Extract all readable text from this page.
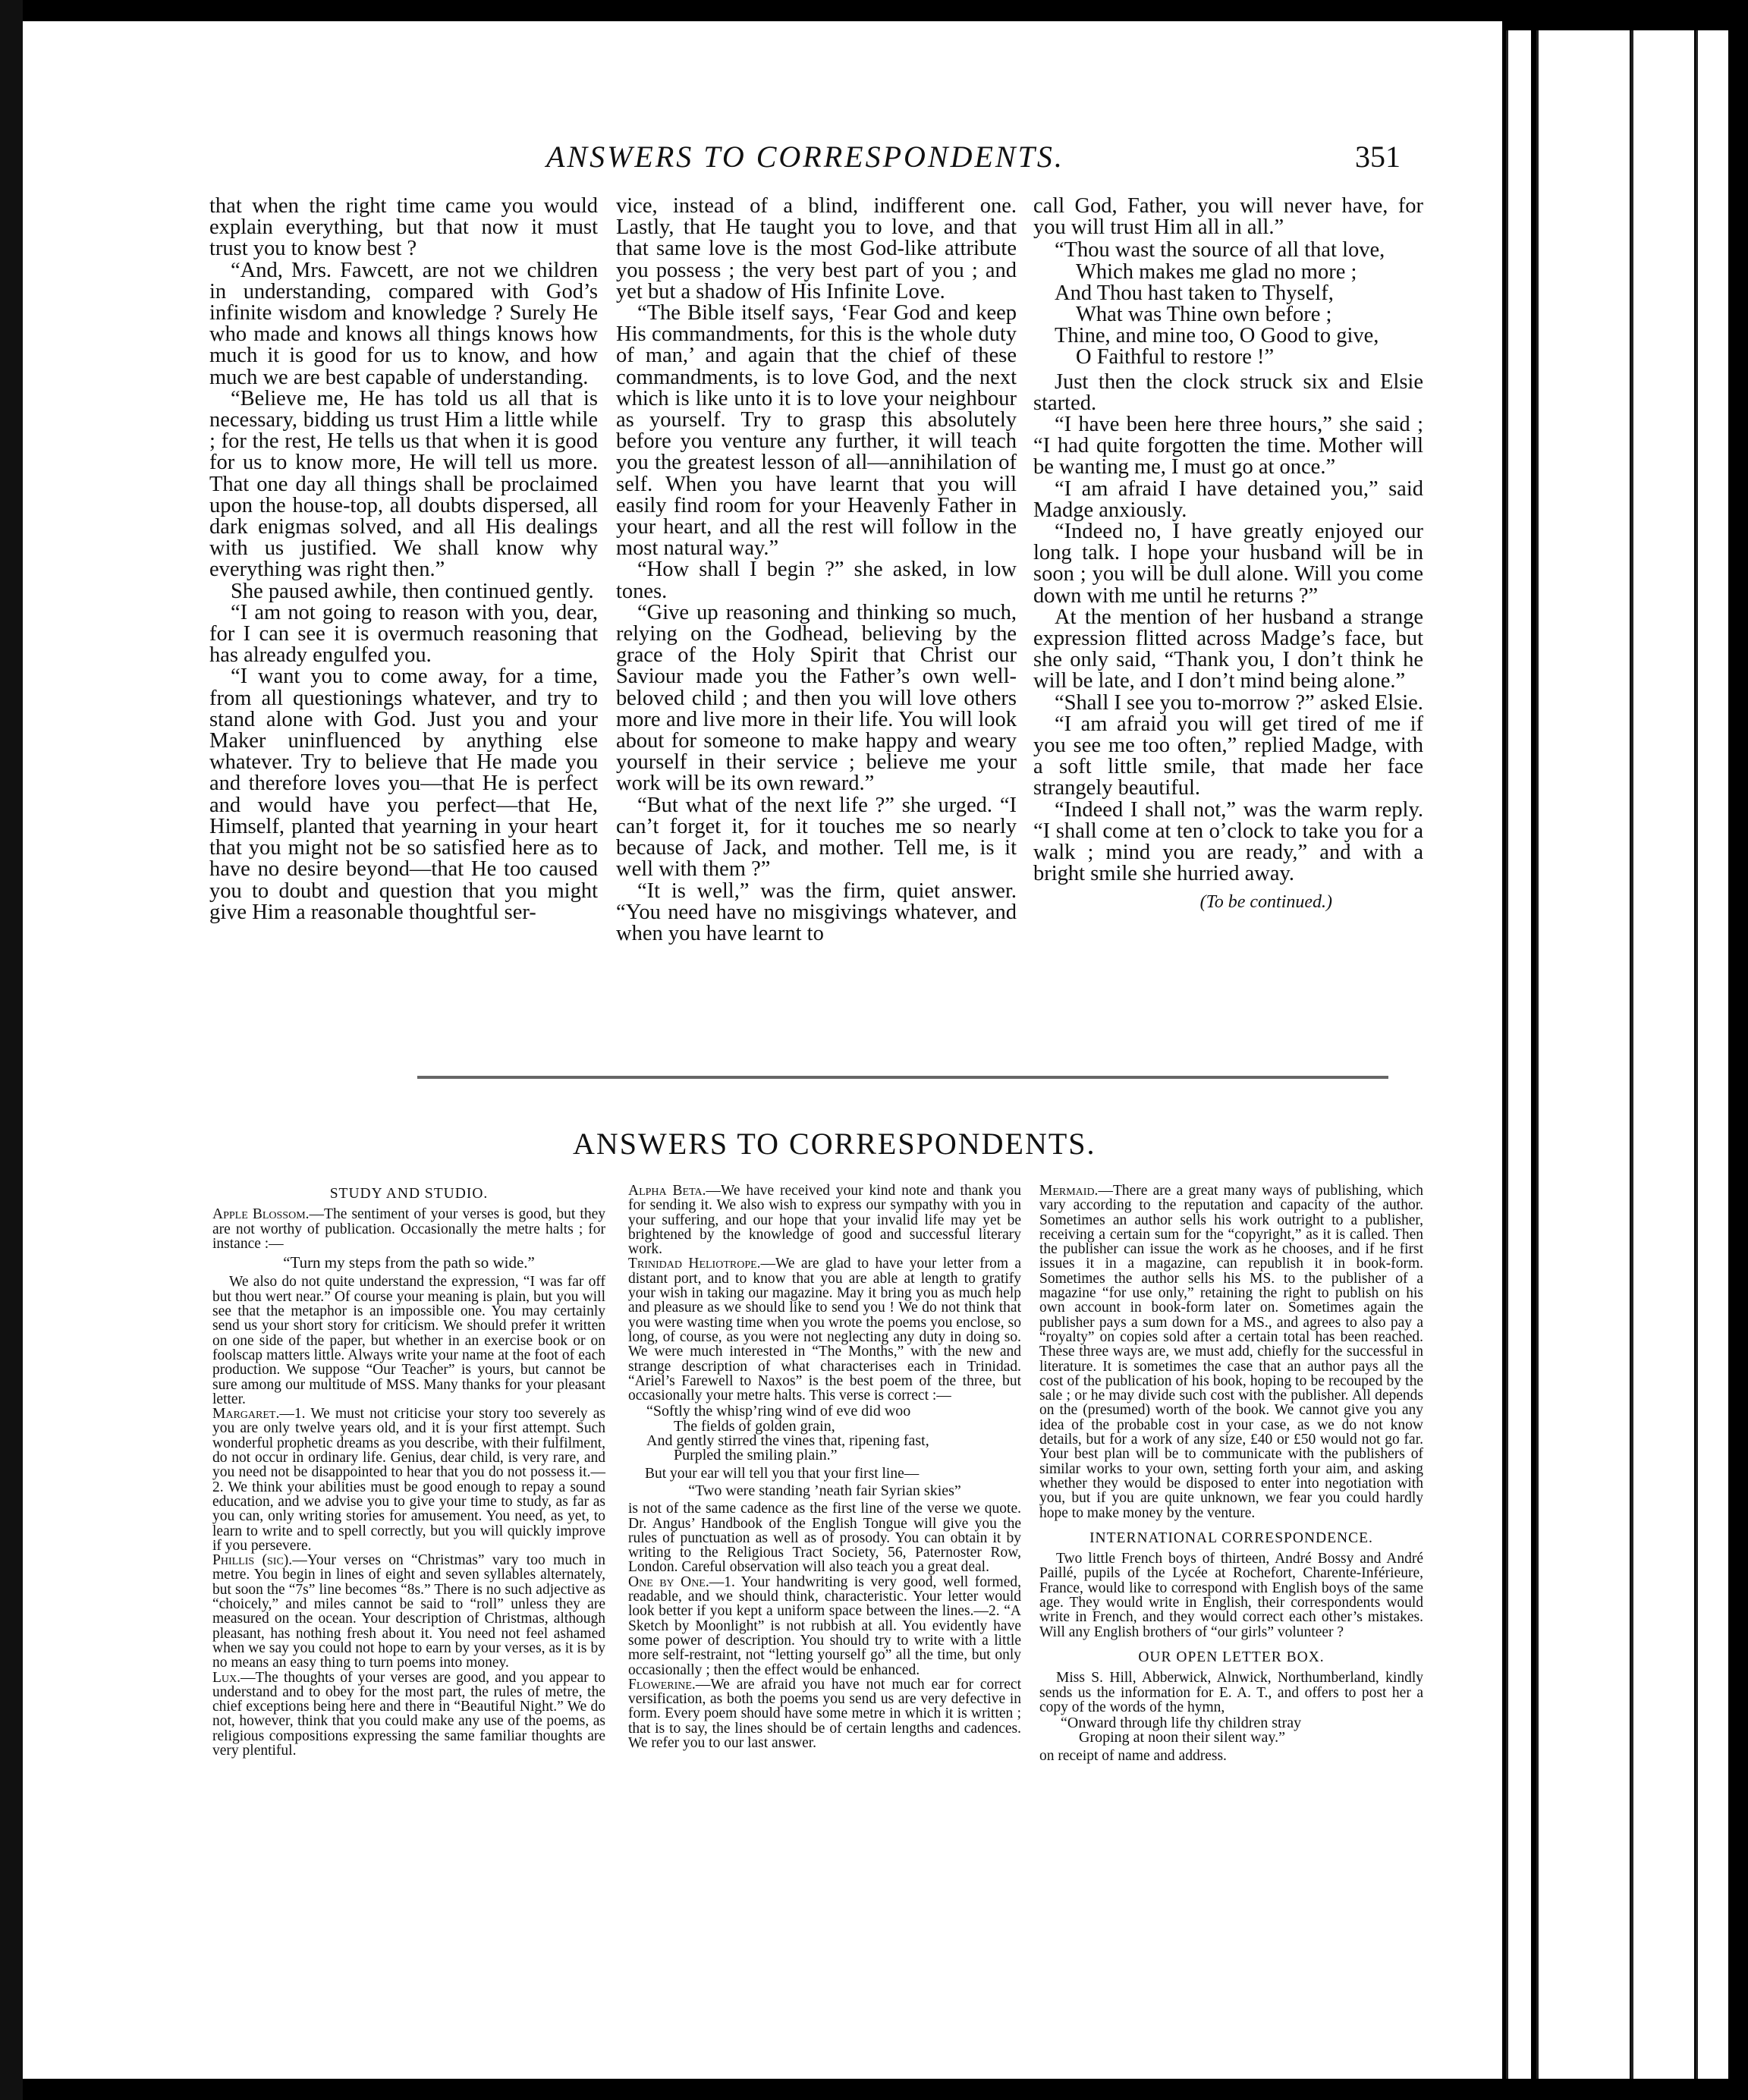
ANSWERS TO CORRESPONDENTS.	351

that when the right time came you would explain everything, but that now it must trust you to know best ?

“And, Mrs. Fawcett, are not we children in understanding, compared with God’s infinite wisdom and knowledge ? Surely He who made and knows all things knows how much it is good for us to know, and how much we are best capable of understanding.

“Believe me, He has told us all that is necessary, bidding us trust Him a little while ; for the rest, He tells us that when it is good for us to know more, He will tell us more. That one day all things shall be proclaimed upon the house-top, all doubts dispersed, all dark enigmas solved, and all His dealings with us justified. We shall know why everything was right then.”

She paused awhile, then continued gently.

“I am not going to reason with you, dear, for I can see it is overmuch reasoning that has already engulfed you.

“I want you to come away, for a time, from all questionings whatever, and try to stand alone with God. Just you and your Maker uninfluenced by anything else whatever. Try to believe that He made you and therefore loves you—that He is perfect and would have you perfect—that He, Himself, planted that yearning in your heart that you might not be so satisfied here as to have no desire beyond—that He too caused you to doubt and question that you might give Him a reasonable thoughtful ser-

vice, instead of a blind, indifferent one. Lastly, that He taught you to love, and that that same love is the most God-like attribute you possess ; the very best part of you ; and yet but a shadow of His Infinite Love.

“The Bible itself says, ‘Fear God and keep His commandments, for this is the whole duty of man,’ and again that the chief of these commandments, is to love God, and the next which is like unto it is to love your neighbour as yourself. Try to grasp this absolutely before you venture any further, it will teach you the greatest lesson of all—annihilation of self. When you have learnt that you will easily find room for your Heavenly Father in your heart, and all the rest will follow in the most natural way.”

“How shall I begin ?” she asked, in low tones.

“Give up reasoning and thinking so much, relying on the Godhead, believing by the grace of the Holy Spirit that Christ our Saviour made you the Father’s own well-beloved child ; and then you will love others more and live more in their life. You will look about for someone to make happy and weary yourself in their service ; believe me your work will be its own reward.”

“But what of the next life ?” she urged. “I can’t forget it, for it touches me so nearly because of Jack, and mother. Tell me, is it well with them ?”

“It is well,” was the firm, quiet answer. “You need have no misgivings whatever, and when you have learnt to

call God, Father, you will never have, for you will trust Him all in all.”

“Thou wast the source of all that love,
Which makes me glad no more ;
And Thou hast taken to Thyself,
What was Thine own before ;
Thine, and mine too, O Good to give,
O Faithful to restore !”

Just then the clock struck six and Elsie started.

“I have been here three hours,” she said ; “I had quite forgotten the time. Mother will be wanting me, I must go at once.”

“I am afraid I have detained you,” said Madge anxiously.

“Indeed no, I have greatly enjoyed our long talk. I hope your husband will be in soon ; you will be dull alone. Will you come down with me until he returns ?”

At the mention of her husband a strange expression flitted across Madge’s face, but she only said, “Thank you, I don’t think he will be late, and I don’t mind being alone.”

“Shall I see you to-morrow ?” asked Elsie.

“I am afraid you will get tired of me if you see me too often,” replied Madge, with a soft little smile, that made her face strangely beautiful.

“Indeed I shall not,” was the warm reply. “I shall come at ten o’clock to take you for a walk ; mind you are ready,” and with a bright smile she hurried away.

(To be continued.)
ANSWERS TO CORRESPONDENTS.
STUDY AND STUDIO.

Apple Blossom.—The sentiment of your verses is good, but they are not worthy of publication. Occasionally the metre halts ; for instance :—

“Turn my steps from the path so wide.”

We also do not quite understand the expression, “I was far off but thou wert near.” Of course your meaning is plain, but you will see that the metaphor is an impossible one. You may certainly send us your short story for criticism. We should prefer it written on one side of the paper, but whether in an exercise book or on foolscap matters little. Always write your name at the foot of each production. We suppose “Our Teacher” is yours, but cannot be sure among our multitude of MSS. Many thanks for your pleasant letter.

Margaret.—1. We must not criticise your story too severely as you are only twelve years old, and it is your first attempt. Such wonderful prophetic dreams as you describe, with their fulfilment, do not occur in ordinary life. Genius, dear child, is very rare, and you need not be disappointed to hear that you do not possess it.—2. We think your abilities must be good enough to repay a sound education, and we advise you to give your time to study, as far as you can, only writing stories for amusement. You need, as yet, to learn to write and to spell correctly, but you will quickly improve if you persevere.

Phillis (sic).—Your verses on “Christmas” vary too much in metre. You begin in lines of eight and seven syllables alternately, but soon the “7s” line becomes “8s.” There is no such adjective as “choicely,” and miles cannot be said to “roll” unless they are measured on the ocean. Your description of Christmas, although pleasant, has nothing fresh about it. You need not feel ashamed when we say you could not hope to earn by your verses, as it is by no means an easy thing to turn poems into money.

Lux.—The thoughts of your verses are good, and you appear to understand and to obey for the most part, the rules of metre, the chief exceptions being here and there in “Beautiful Night.” We do not, however, think that you could make any use of the poems, as religious compositions expressing the same familiar thoughts are very plentiful.

Alpha Beta.—We have received your kind note and thank you for sending it. We also wish to express our sympathy with you in your suffering, and our hope that your invalid life may yet be brightened by the knowledge of good and successful literary work.

Trinidad Heliotrope.—We are glad to have your letter from a distant port, and to know that you are able at length to gratify your wish in taking our magazine. May it bring you as much help and pleasure as we should like to send you ! We do not think that you were wasting time when you wrote the poems you enclose, so long, of course, as you were not neglecting any duty in doing so. We were much interested in “The Months,” with the new and strange description of what characterises each in Trinidad. “Ariel’s Farewell to Naxos” is the best poem of the three, but occasionally your metre halts. This verse is correct :—

“Softly the whisp’ring wind of eve did woo
The fields of golden grain,
And gently stirred the vines that, ripening fast,
Purpled the smiling plain.”

But your ear will tell you that your first line—

“Two were standing ’neath fair Syrian skies”

is not of the same cadence as the first line of the verse we quote. Dr. Angus’ Handbook of the English Tongue will give you the rules of punctuation as well as of prosody. You can obtain it by writing to the Religious Tract Society, 56, Paternoster Row, London. Careful observation will also teach you a great deal.

One by One.—1. Your handwriting is very good, well formed, readable, and we should think, characteristic. Your letter would look better if you kept a uniform space between the lines.—2. “A Sketch by Moonlight” is not rubbish at all. You evidently have some power of description. You should try to write with a little more self-restraint, not “letting yourself go” all the time, but only occasionally ; then the effect would be enhanced.

Flowerine.—We are afraid you have not much ear for correct versification, as both the poems you send us are very defective in form. Every poem should have some metre in which it is written ; that is to say, the lines should be of certain lengths and cadences. We refer you to our last answer.

Mermaid.—There are a great many ways of publishing, which vary according to the reputation and capacity of the author. Sometimes an author sells his work outright to a publisher, receiving a certain sum for the “copyright,” as it is called. Then the publisher can issue the work as he chooses, and if he first issues it in a magazine, can republish it in book-form. Sometimes the author sells his MS. to the publisher of a magazine “for use only,” retaining the right to publish on his own account in book-form later on. Sometimes again the publisher pays a sum down for a MS., and agrees to also pay a “royalty” on copies sold after a certain total has been reached. These three ways are, we must add, chiefly for the successful in literature. It is sometimes the case that an author pays all the cost of the publication of his book, hoping to be recouped by the sale ; or he may divide such cost with the publisher. All depends on the (presumed) worth of the book. We cannot give you any idea of the probable cost in your case, as we do not know details, but for a work of any size, £40 or £50 would not go far. Your best plan will be to communicate with the publishers of similar works to your own, setting forth your aim, and asking whether they would be disposed to enter into negotiation with you, but if you are quite unknown, we fear you could hardly hope to make money by the venture.

INTERNATIONAL CORRESPONDENCE.

Two little French boys of thirteen, André Bossy and André Paillé, pupils of the Lycée at Rochefort, Charente-Inférieure, France, would like to correspond with English boys of the same age. They would write in English, their correspondents would write in French, and they would correct each other’s mistakes. Will any English brothers of “our girls” volunteer ?

OUR OPEN LETTER BOX.

Miss S. Hill, Abberwick, Alnwick, Northumberland, kindly sends us the information for E. A. T., and offers to post her a copy of the words of the hymn,

“Onward through life thy children stray
Groping at noon their silent way.”

on receipt of name and address.
